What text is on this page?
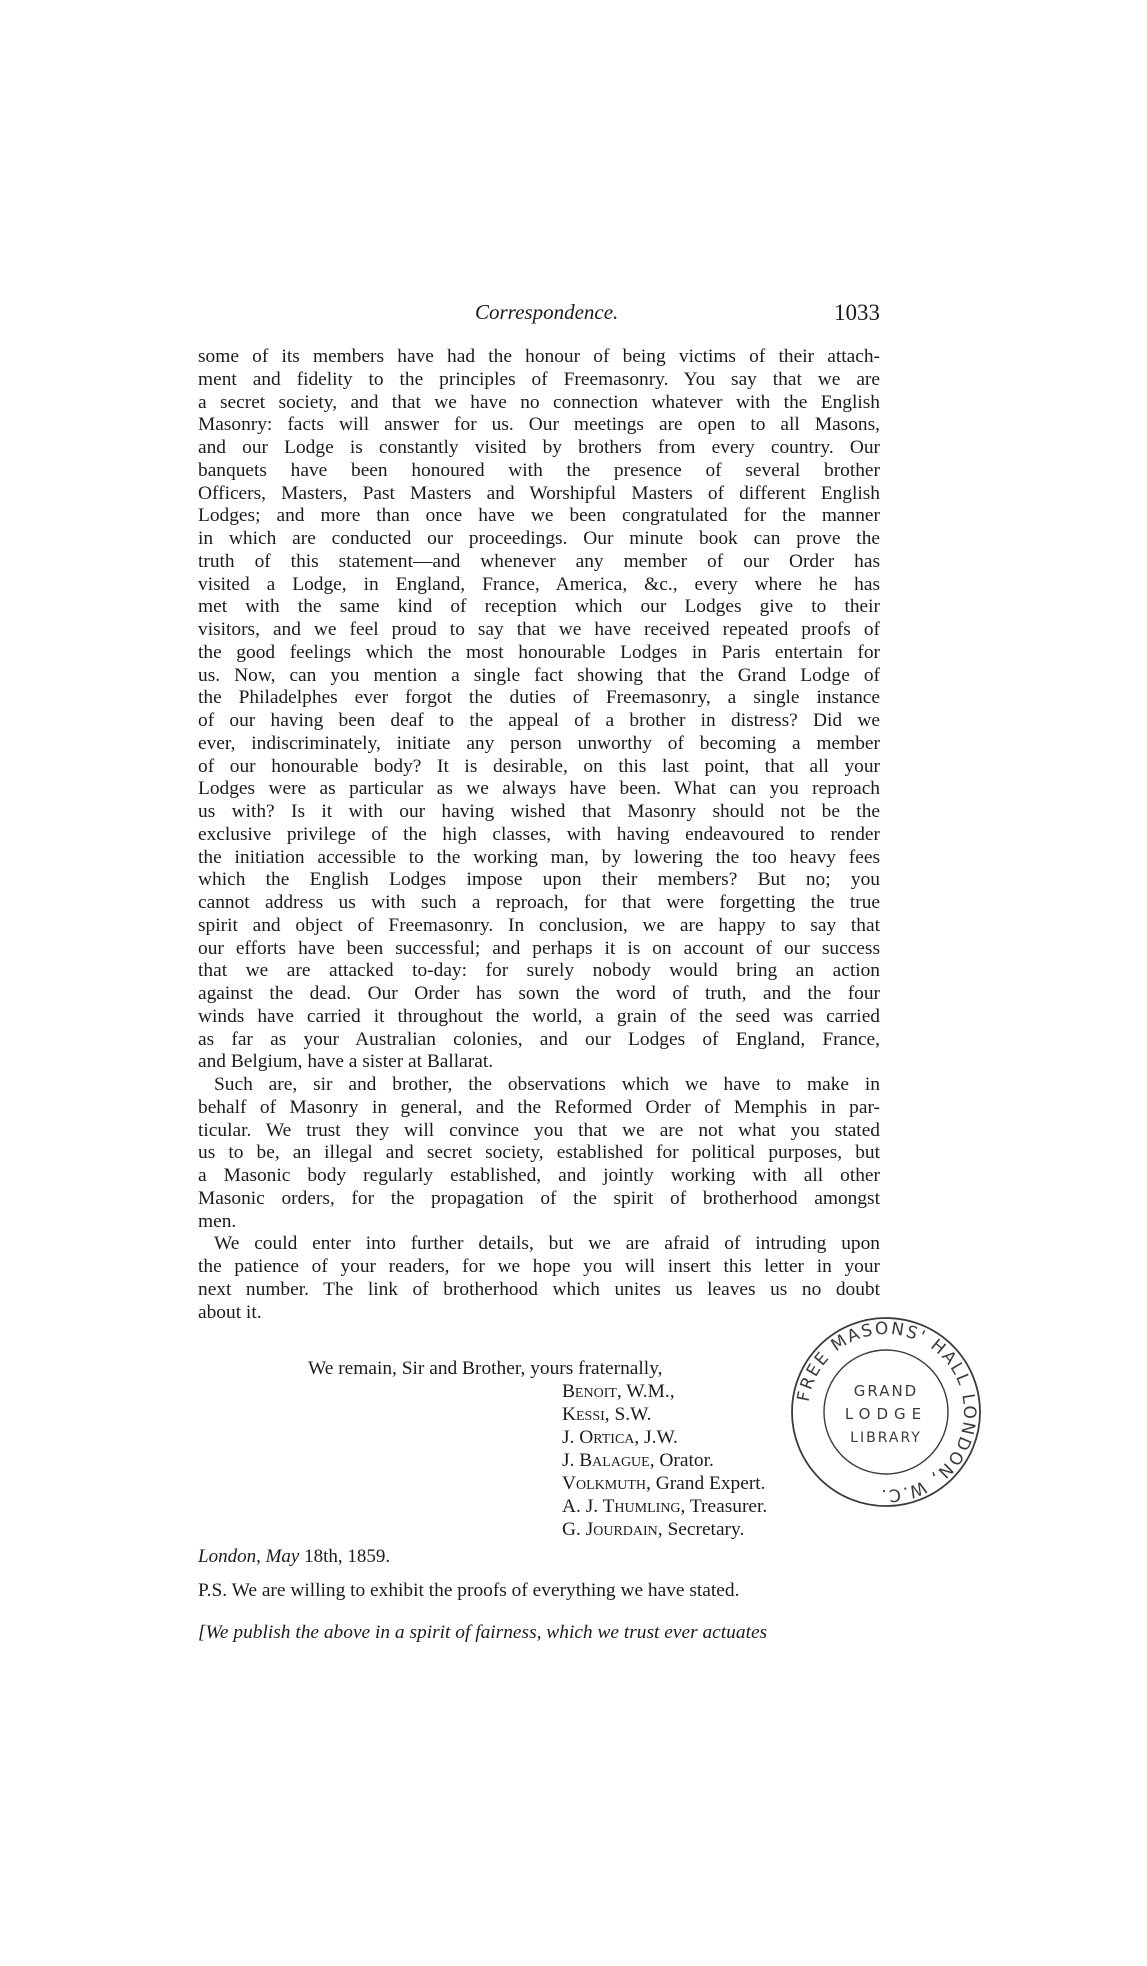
Correspondence.	1033
some of its members have had the honour of being victims of their attach-
ment and fidelity to the principles of Freemasonry. You say that we are
a secret society, and that we have no connection whatever with the English
Masonry: facts will answer for us. Our meetings are open to all Masons,
and our Lodge is constantly visited by brothers from every country. Our
banquets have been honoured with the presence of several brother
Officers, Masters, Past Masters and Worshipful Masters of different English
Lodges; and more than once have we been congratulated for the manner
in which are conducted our proceedings. Our minute book can prove the
truth of this statement—and whenever any member of our Order has
visited a Lodge, in England, France, America, &c., every where he has
met with the same kind of reception which our Lodges give to their
visitors, and we feel proud to say that we have received repeated proofs of
the good feelings which the most honourable Lodges in Paris entertain for
us. Now, can you mention a single fact showing that the Grand Lodge of
the Philadelphes ever forgot the duties of Freemasonry, a single instance
of our having been deaf to the appeal of a brother in distress? Did we
ever, indiscriminately, initiate any person unworthy of becoming a member
of our honourable body? It is desirable, on this last point, that all your
Lodges were as particular as we always have been. What can you reproach
us with? Is it with our having wished that Masonry should not be the
exclusive privilege of the high classes, with having endeavoured to render
the initiation accessible to the working man, by lowering the too heavy fees
which the English Lodges impose upon their members? But no; you
cannot address us with such a reproach, for that were forgetting the true
spirit and object of Freemasonry. In conclusion, we are happy to say that
our efforts have been successful; and perhaps it is on account of our success
that we are attacked to-day: for surely nobody would bring an action
against the dead. Our Order has sown the word of truth, and the four
winds have carried it throughout the world, a grain of the seed was carried
as far as your Australian colonies, and our Lodges of England, France,
and Belgium, have a sister at Ballarat.
Such are, sir and brother, the observations which we have to make in
behalf of Masonry in general, and the Reformed Order of Memphis in par-
ticular. We trust they will convince you that we are not what you stated
us to be, an illegal and secret society, established for political purposes, but
a Masonic body regularly established, and jointly working with all other
Masonic orders, for the propagation of the spirit of brotherhood amongst
men.
We could enter into further details, but we are afraid of intruding upon
the patience of your readers, for we hope you will insert this letter in your
next number. The link of brotherhood which unites us leaves us no doubt
about it.
We remain, Sir and Brother, yours fraternally,
Benoit, W.M.,
Kessi, S.W.
J. Ortica, J.W.
J. Balague, Orator.
Volkmuth, Grand Expert.
A. J. Thumling, Treasurer.
G. Jourdain, Secretary.
London, May 18th, 1859.
P.S. We are willing to exhibit the proofs of everything we have stated.
[We publish the above in a spirit of fairness, which we trust ever actuates
FREE MASONS' HALL LONDON, W.C.
GRAND
LODGE
LIBRARY
